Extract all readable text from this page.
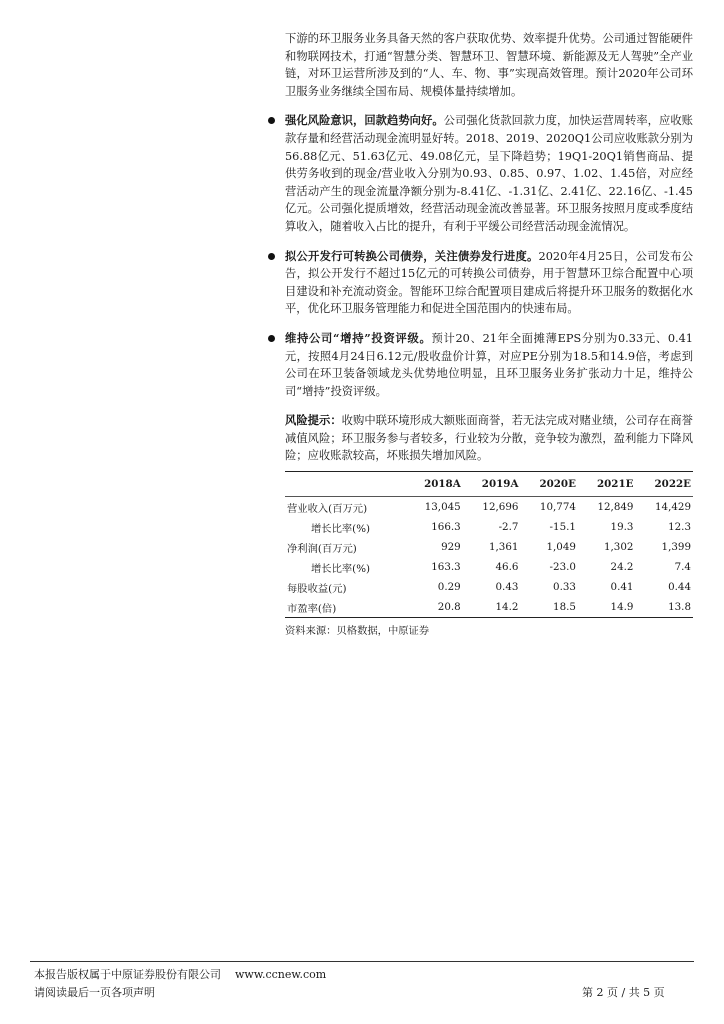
下游的环卫服务业务具备天然的客户获取优势、效率提升优势。公司通过智能硬件和物联网技术，打通“智慧分类、智慧环卫、智慧环境、新能源及无人驾驶”全产业链，对环卫运营所涉及到的“人、车、物、事”实现高效管理。预计2020年公司环卫服务业务继续全国布局、规模体量持续增加。

强化风险意识，回款趋势向好。公司强化货款回款力度，加快运营周转率，应收账款存量和经营活动现金流明显好转。2018、2019、2020Q1公司应收账款分别为56.88亿元、51.63亿元、49.08亿元，呈下降趋势；19Q1-20Q1销售商品、提供劳务收到的现金/营业收入分别为0.93、0.85、0.97、1.02、1.45倍，对应经营活动产生的现金流量净额分别为-8.41亿、-1.31亿、2.41亿、22.16亿、-1.45亿元。公司强化提质增效，经营活动现金流改善显著。环卫服务按照月度或季度结算收入，随着收入占比的提升，有利于平缓公司经营活动现金流情况。

拟公开发行可转换公司债券，关注债券发行进度。2020年4月25日，公司发布公告，拟公开发行不超过15亿元的可转换公司债券，用于智慧环卫综合配置中心项目建设和补充流动资金。智能环卫综合配置项目建成后将提升环卫服务的数据化水平，优化环卫服务管理能力和促进全国范围内的快速布局。

维持公司“增持”投资评级。预计20、21年全面摊薄EPS分别为0.33元、0.41元，按照4月24日6.12元/股收盘价计算，对应PE分别为18.5和14.9倍，考虑到公司在环卫装备领域龙头优势地位明显，且环卫服务业务扩张动力十足，维持公司“增持”投资评级。

风险提示：收购中联环境形成大额账面商誉，若无法完成对赌业绩，公司存在商誉减值风险；环卫服务参与者较多，行业较为分散，竞争较为激烈，盈利能力下降风险；应收账款较高，坏账损失增加风险。

	2018A	2019A	2020E	2021E	2022E
营业收入(百万元)	13,045	12,696	10,774	12,849	14,429
增长比率(%)	166.3	-2.7	-15.1	19.3	12.3
净利润(百万元)	929	1,361	1,049	1,302	1,399
增长比率(%)	163.3	46.6	-23.0	24.2	7.4
每股收益(元)	0.29	0.43	0.33	0.41	0.44
市盈率(倍)	20.8	14.2	18.5	14.9	13.8
资料来源：贝格数据，中原证券
本报告版权属于中原证券股份有限公司 www.ccnew.com
请阅读最后一页各项声明	第 2 页 / 共 5 页
